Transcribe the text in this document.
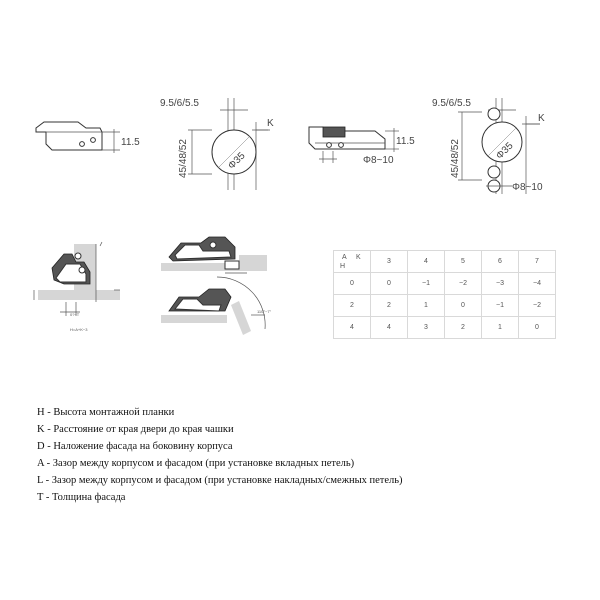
11.5
9.5/6/5.5
K
Φ35
45/48/52	11.5
Φ8~10
9.5/6/5.5
K
Φ35
45/48/52
Φ8~10
0?~T
H=A+K−3
110°~7°
A K
H	3	4	5	6	7
0	0	−1	−2	−3	−4
2	2	1	0	−1	−2
4	4	3	2	1	0
H - Высота монтажной планки
K - Расстояние от края двери до края чашки
D - Наложение фасада на боковину корпуса
A - Зазор между корпусом и фасадом (при установке вкладных петель)
L - Зазор между корпусом и фасадом (при установке накладных/смежных петель)
T - Толщина фасада
